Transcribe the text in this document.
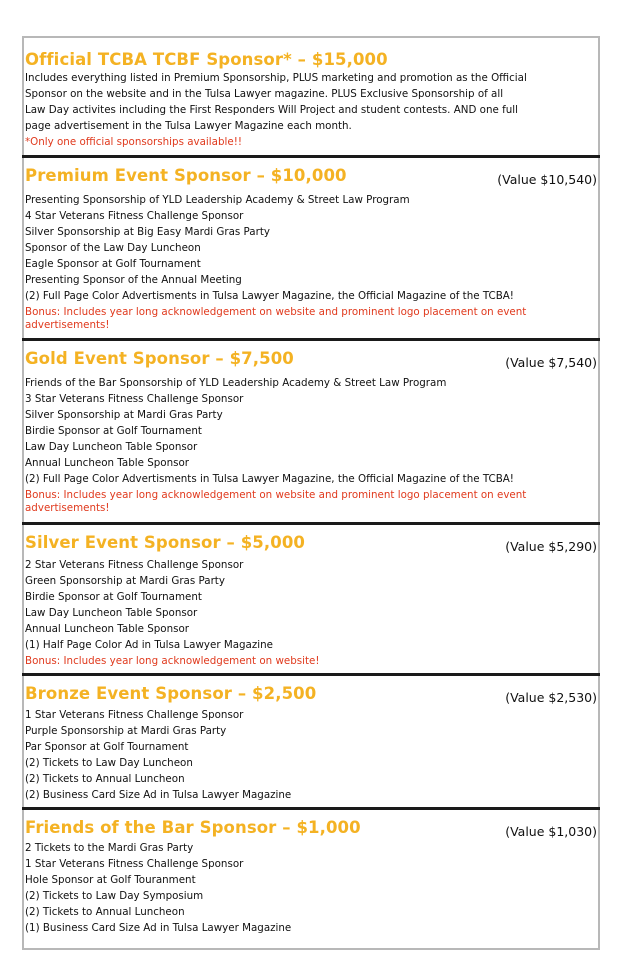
Official TCBA TCBF Sponsor* – $15,000
Includes everything listed in Premium Sponsorship, PLUS marketing and promotion as the Official
Sponsor on the website and in the Tulsa Lawyer magazine. PLUS Exclusive Sponsorship of all
Law Day activites including the First Responders Will Project and student contests. AND one full
page advertisement in the Tulsa Lawyer Magazine each month.
*Only one official sponsorships available!!
Premium Event Sponsor – $10,000	(Value $10,540)
Presenting Sponsorship of YLD Leadership Academy & Street Law Program
4 Star Veterans Fitness Challenge Sponsor
Silver Sponsorship at Big Easy Mardi Gras Party
Sponsor of the Law Day Luncheon
Eagle Sponsor at Golf Tournament
Presenting Sponsor of the Annual Meeting
(2) Full Page Color Advertisments in Tulsa Lawyer Magazine, the Official Magazine of the TCBA!
Bonus: Includes year long acknowledgement on website and prominent logo placement on event
advertisements!
Gold Event Sponsor – $7,500	(Value $7,540)
Friends of the Bar Sponsorship of YLD Leadership Academy & Street Law Program
3 Star Veterans Fitness Challenge Sponsor
Silver Sponsorship at Mardi Gras Party
Birdie Sponsor at Golf Tournament
Law Day Luncheon Table Sponsor
Annual Luncheon Table Sponsor
(2) Full Page Color Advertisments in Tulsa Lawyer Magazine, the Official Magazine of the TCBA!
Bonus: Includes year long acknowledgement on website and prominent logo placement on event
advertisements!
Silver Event Sponsor – $5,000	(Value $5,290)
2 Star Veterans Fitness Challenge Sponsor
Green Sponsorship at Mardi Gras Party
Birdie Sponsor at Golf Tournament
Law Day Luncheon Table Sponsor
Annual Luncheon Table Sponsor
(1) Half Page Color Ad in Tulsa Lawyer Magazine
Bonus: Includes year long acknowledgement on website!
Bronze Event Sponsor – $2,500	(Value $2,530)
1 Star Veterans Fitness Challenge Sponsor
Purple Sponsorship at Mardi Gras Party
Par Sponsor at Golf Tournament
(2) Tickets to Law Day Luncheon
(2) Tickets to Annual Luncheon
(2) Business Card Size Ad in Tulsa Lawyer Magazine
Friends of the Bar Sponsor – $1,000	(Value $1,030)
2 Tickets to the Mardi Gras Party
1 Star Veterans Fitness Challenge Sponsor
Hole Sponsor at Golf Touranment
(2) Tickets to Law Day Symposium
(2) Tickets to Annual Luncheon
(1) Business Card Size Ad in Tulsa Lawyer Magazine
